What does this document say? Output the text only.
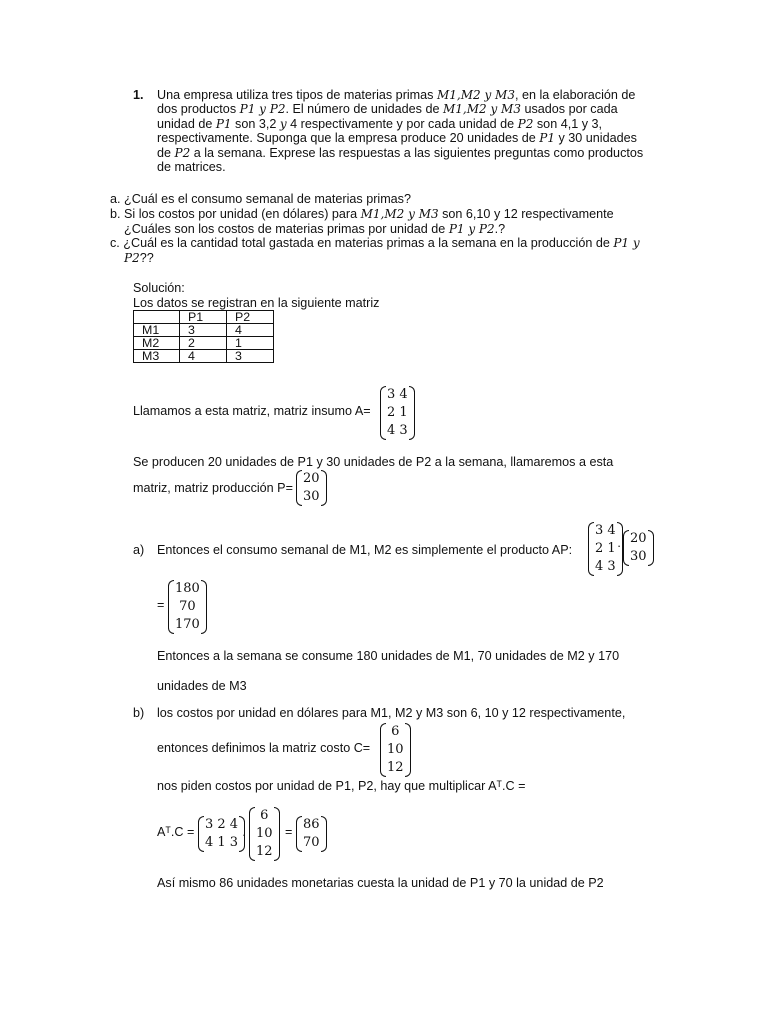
1. Una empresa utiliza tres tipos de materias primas M1,M2 y M3, en la elaboración de
dos productos P1 y P2. El número de unidades de M1,M2 y M3 usados por cada
unidad de P1 son 3,2 y 4 respectivamente y por cada unidad de P2 son 4,1 y 3,
respectivamente. Suponga que la empresa produce 20 unidades de P1 y 30 unidades
de P2 a la semana. Exprese las respuestas a las siguientes preguntas como productos
de matrices.
a. ¿Cuál es el consumo semanal de materias primas?
b. Si los costos por unidad (en dólares) para M1,M2 y M3 son 6,10 y 12 respectivamente
¿Cuáles son los costos de materias primas por unidad de P1 y P2.?
c. ¿Cuál es la cantidad total gastada en materias primas a la semana en la producción de P1 y
P2??
Solución:
Los datos se registran en la siguiente matriz
	P1	P2
M1	3	4
M2	2	1
M3	4	3
Llamamos a esta matriz, matriz insumo A=
3 4
2 1
4 3
Se producen 20 unidades de P1 y 30 unidades de P2 a la semana, llamaremos a esta
matriz, matriz producción P=
20
30
a) Entonces el consumo semanal de M1, M2 es simplemente el producto AP:
3 4
2 1
4 3
· 20
30
=
180
70
170
Entonces a la semana se consume 180 unidades de M1, 70 unidades de M2 y 170
unidades de M3
b) los costos por unidad en dólares para M1, M2 y M3 son 6, 10 y 12 respectivamente,
entonces definimos la matriz costo C=
6
10
12
nos piden costos por unidad de P1, P2, hay que multiplicar Aᵀ.C =
Aᵀ.C = 3 2 4
4 1 3 ·
6
10
12
= 86
70
Así mismo 86 unidades monetarias cuesta la unidad de P1 y 70 la unidad de P2
